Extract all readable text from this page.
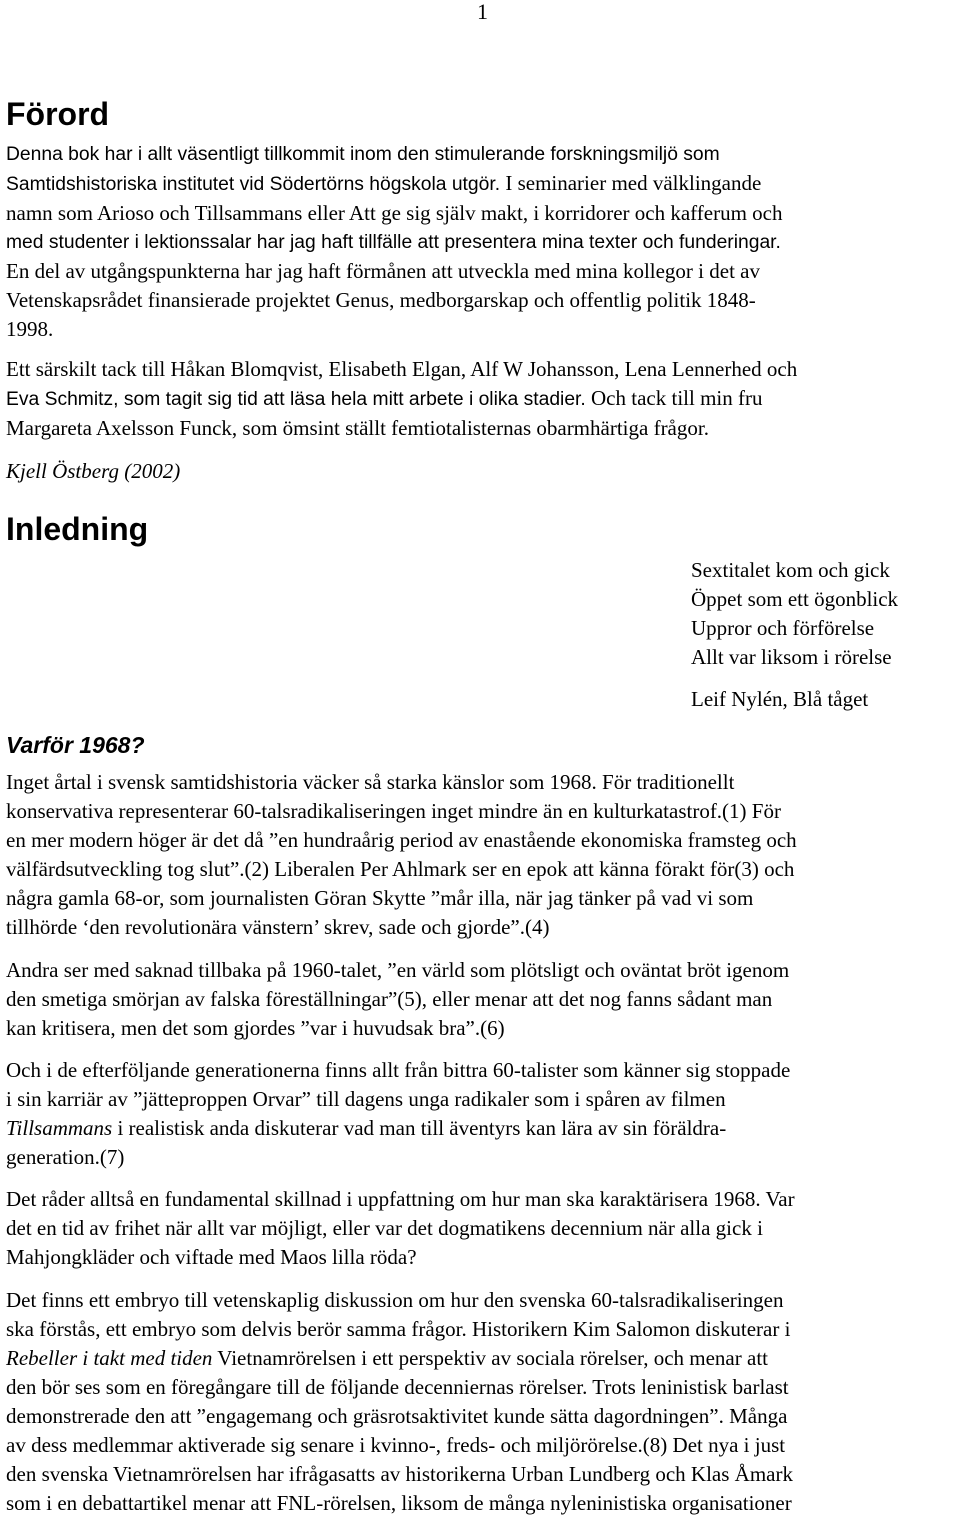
1
Förord
Denna bok har i allt väsentligt tillkommit inom den stimulerande forskningsmiljö som
Samtidshistoriska institutet vid Södertörns högskola utgör. I seminarier med välklingande
namn som Arioso och Tillsammans eller Att ge sig själv makt, i korridorer och kafferum och
med studenter i lektionssalar har jag haft tillfälle att presentera mina texter och funderingar.
En del av utgångspunkterna har jag haft förmånen att utveckla med mina kollegor i det av
Vetenskapsrådet finansierade projektet Genus, medborgarskap och offentlig politik 1848-
1998.
Ett särskilt tack till Håkan Blomqvist, Elisabeth Elgan, Alf W Johansson, Lena Lennerhed och
Eva Schmitz, som tagit sig tid att läsa hela mitt arbete i olika stadier. Och tack till min fru
Margareta Axelsson Funck, som ömsint ställt femtiotalisternas obarmhärtiga frågor.
Kjell Östberg (2002)
Inledning
Sextitalet kom och gick
Öppet som ett ögonblick
Uppror och förförelse
Allt var liksom i rörelse
Leif Nylén, Blå tåget
Varför 1968?
Inget årtal i svensk samtidshistoria väcker så starka känslor som 1968. För traditionellt
konservativa representerar 60-talsradikaliseringen inget mindre än en kulturkatastrof.(1) För
en mer modern höger är det då ”en hundraårig period av enastående ekonomiska framsteg och
välfärdsutveckling tog slut”.(2) Liberalen Per Ahlmark ser en epok att känna förakt för(3) och
några gamla 68-or, som journalisten Göran Skytte ”mår illa, när jag tänker på vad vi som
tillhörde ‘den revolutionära vänstern’ skrev, sade och gjorde”.(4)
Andra ser med saknad tillbaka på 1960-talet, ”en värld som plötsligt och oväntat bröt igenom
den smetiga smörjan av falska föreställningar”(5), eller menar att det nog fanns sådant man
kan kritisera, men det som gjordes ”var i huvudsak bra”.(6)
Och i de efterföljande generationerna finns allt från bittra 60-talister som känner sig stoppade
i sin karriär av ”jätteproppen Orvar” till dagens unga radikaler som i spåren av filmen
Tillsammans i realistisk anda diskuterar vad man till äventyrs kan lära av sin föräldra-
generation.(7)
Det råder alltså en fundamental skillnad i uppfattning om hur man ska karaktärisera 1968. Var
det en tid av frihet när allt var möjligt, eller var det dogmatikens decennium när alla gick i
Mahjongkläder och viftade med Maos lilla röda?
Det finns ett embryo till vetenskaplig diskussion om hur den svenska 60-talsradikaliseringen
ska förstås, ett embryo som delvis berör samma frågor. Historikern Kim Salomon diskuterar i
Rebeller i takt med tiden Vietnamrörelsen i ett perspektiv av sociala rörelser, och menar att
den bör ses som en föregångare till de följande decenniernas rörelser. Trots leninistisk barlast
demonstrerade den att ”engagemang och gräsrotsaktivitet kunde sätta dagordningen”. Många
av dess medlemmar aktiverade sig senare i kvinno-, freds- och miljörörelse.(8) Det nya i just
den svenska Vietnamrörelsen har ifrågasatts av historikerna Urban Lundberg och Klas Åmark
som i en debattartikel menar att FNL-rörelsen, liksom de många nyleninistiska organisationer
